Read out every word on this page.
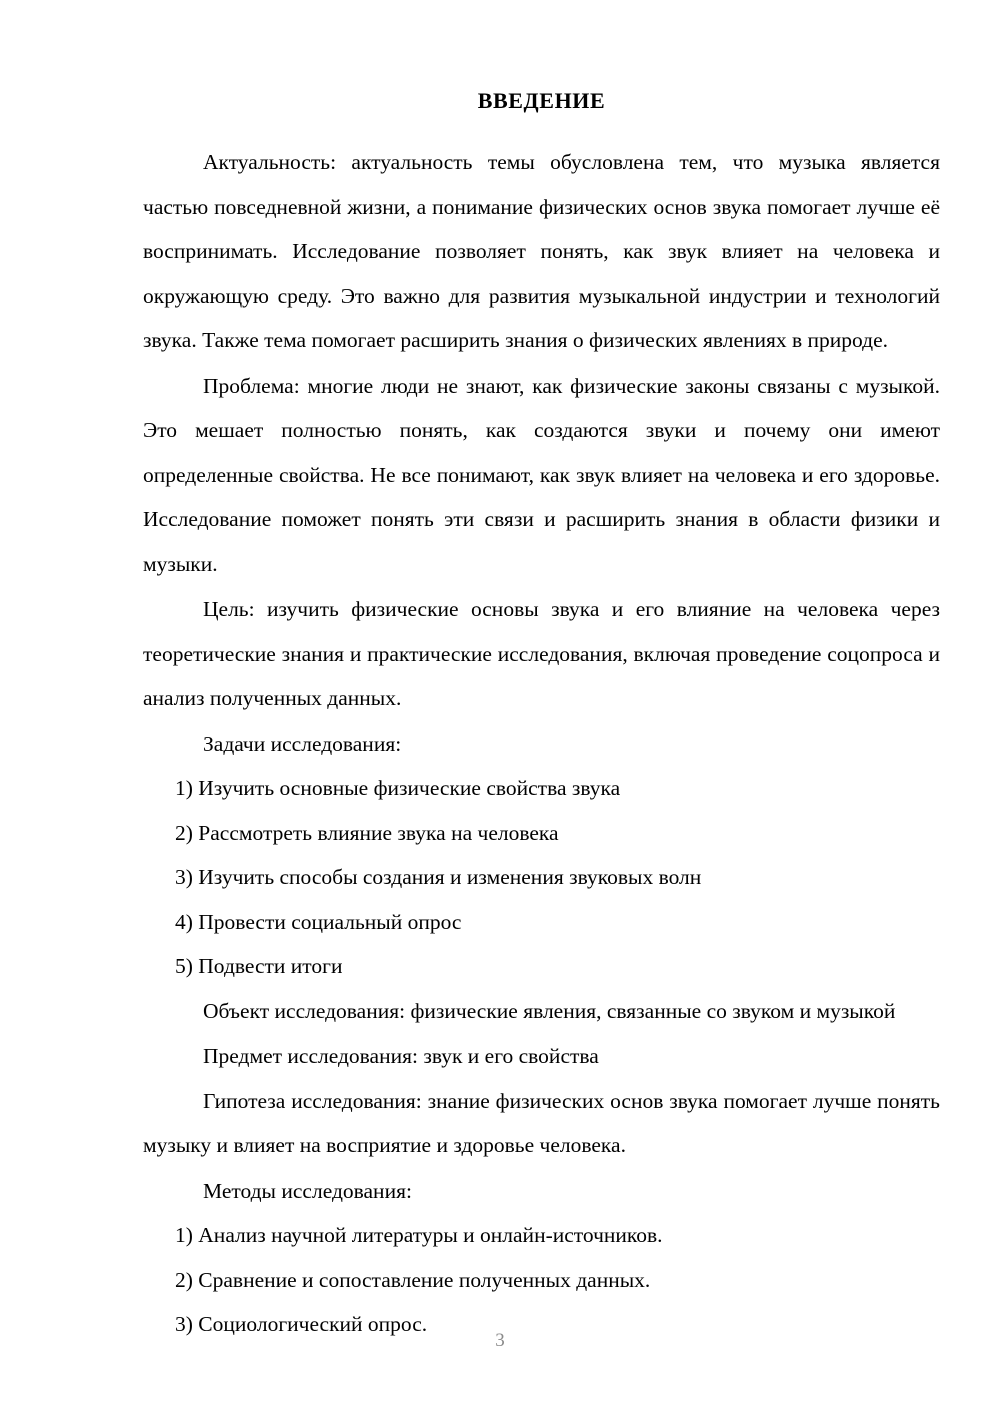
ВВЕДЕНИЕ

Актуальность: актуальность темы обусловлена тем, что музыка является частью повседневной жизни, а понимание физических основ звука помогает лучше её воспринимать. Исследование позволяет понять, как звук влияет на человека и окружающую среду. Это важно для развития музыкальной индустрии и технологий звука. Также тема помогает расширить знания о физических явлениях в природе.

Проблема: многие люди не знают, как физические законы связаны с музыкой. Это мешает полностью понять, как создаются звуки и почему они имеют определенные свойства. Не все понимают, как звук влияет на человека и его здоровье. Исследование поможет понять эти связи и расширить знания в области физики и музыки.

Цель: изучить физические основы звука и его влияние на человека через теоретические знания и практические исследования, включая проведение соцопроса и анализ полученных данных.

Задачи исследования:

1) Изучить основные физические свойства звука

2) Рассмотреть влияние звука на человека

3) Изучить способы создания и изменения звуковых волн

4) Провести социальный опрос

5) Подвести итоги

Объект исследования: физические явления, связанные со звуком и музыкой

Предмет исследования: звук и его свойства

Гипотеза исследования: знание физических основ звука помогает лучше понять музыку и влияет на восприятие и здоровье человека.

Методы исследования:

1) Анализ научной литературы и онлайн-источников.

2) Сравнение и сопоставление полученных данных.

3) Социологический опрос.

3
